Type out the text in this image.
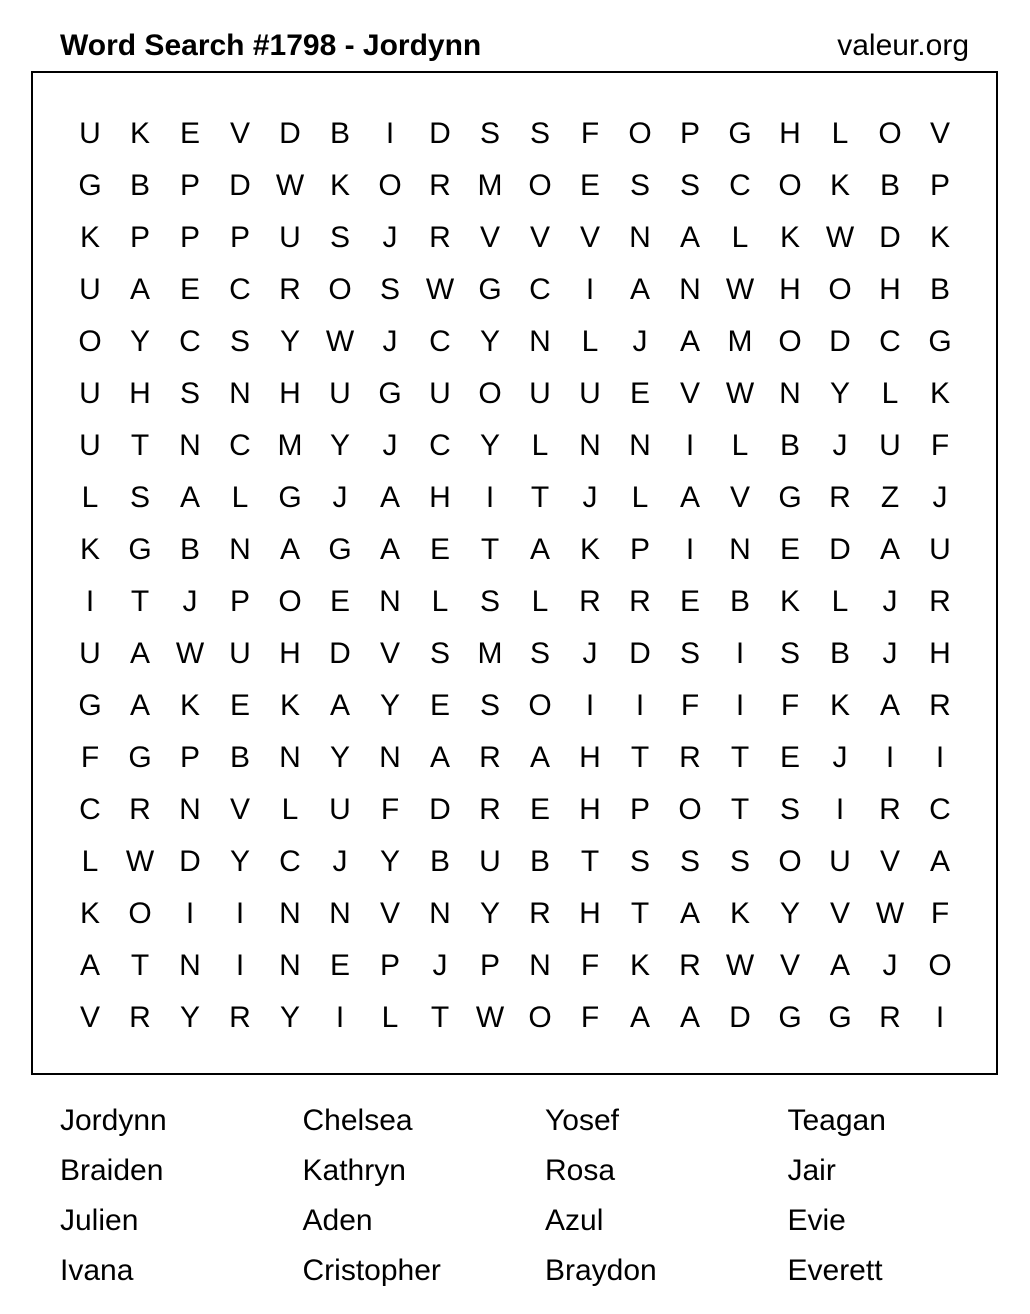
Word Search #1798 - Jordynn	valeur.org
U K E V D B	I	D S S	F O P G H	L O V
G B P D W K O R M O E S S C O K B P
K P P P U S	J	R V V V N A	L	K W D K
U A E C R O S W G C	I	A N W H O H B
O Y C S Y W J	C Y N	L	J	A M O D C G
U H S N H U G U O U U E V W N Y	L	K
U	T	N C M Y	J	C Y	L	N N	I	L	B	J	U	F
L	S A	L G	J	A H	I	T	J	L	A V G R	Z	J
K G B N A G A E	T	A K P	I	N E D A U
I	T	J	P O E N	L	S	L	R R E B K	L	J	R
U A W U H D V S M S	J	D S	I	S B	J	H
G A K E K A Y E S O	I	I	F	I	F	K A R
F G P B N Y N A R A H	T	R	T	E	J	I	I
C R N V	L	U	F	D R E H P O T	S	I	R C
L W D Y C	J	Y B U B	T	S S S O U V A
K O	I	I	N N V N Y R H	T	A K Y V W F
A	T	N	I	N E P	J	P N	F	K R W V A	J	O
V R Y R Y	I	L	T W O F	A A D G G R	I
Jordynn	Chelsea	Yosef	Teagan
Braiden	Kathryn	Rosa	Jair
Julien	Aden	Azul	Evie
Ivana	Cristopher	Braydon	Everett
